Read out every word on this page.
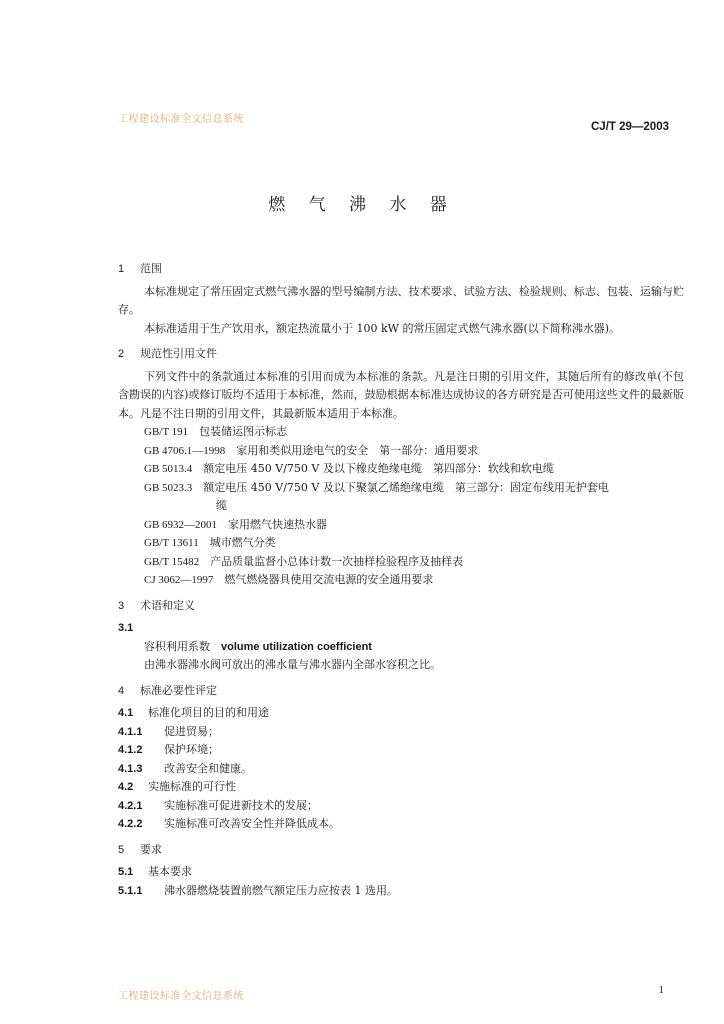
工程建设标准全文信息系统
CJ/T 29—2003
燃 气 沸 水 器
1 范围

本标准规定了常压固定式燃气沸水器的型号编制方法、技术要求、试验方法、检验规则、标志、包装、运输与贮存。

本标准适用于生产饮用水，额定热流量小于 100 kW 的常压固定式燃气沸水器(以下简称沸水器)。

2 规范性引用文件

下列文件中的条款通过本标准的引用而成为本标准的条款。凡是注日期的引用文件，其随后所有的修改单(不包含勘误的内容)或修订版均不适用于本标准，然而，鼓励根据本标准达成协议的各方研究是否可使用这些文件的最新版本。凡是不注日期的引用文件，其最新版本适用于本标准。

GB/T 191　 包装储运图示标志

GB 4706.1—1998　 家用和类似用途电气的安全　第一部分：通用要求

GB 5013.4　 额定电压 450 V/750 V 及以下橡皮绝缘电缆　第四部分：软线和软电缆

GB 5023.3　 额定电压 450 V/750 V 及以下聚氯乙烯绝缘电缆　第三部分：固定布线用无护套电

缆

GB 6932—2001　 家用燃气快速热水器

GB/T 13611　 城市燃气分类

GB/T 15482　 产品质量监督小总体计数一次抽样检验程序及抽样表

CJ 3062—1997　 燃气燃烧器具使用交流电源的安全通用要求

3 术语和定义

3.1

容积利用系数　 volume utilization coefficient

由沸水器沸水阀可放出的沸水量与沸水器内全部水容积之比。

4 标准必要性评定

4.1 标准化项目的目的和用途

4.1.1 促进贸易；

4.1.2 保护环境；

4.1.3 改善安全和健康。

4.2 实施标准的可行性

4.2.1 实施标准可促进新技术的发展；

4.2.2 实施标准可改善安全性并降低成本。

5 要求

5.1 基本要求

5.1.1 沸水器燃烧装置前燃气额定压力应按表 1 选用。

工程建设标准全文信息系统
1
